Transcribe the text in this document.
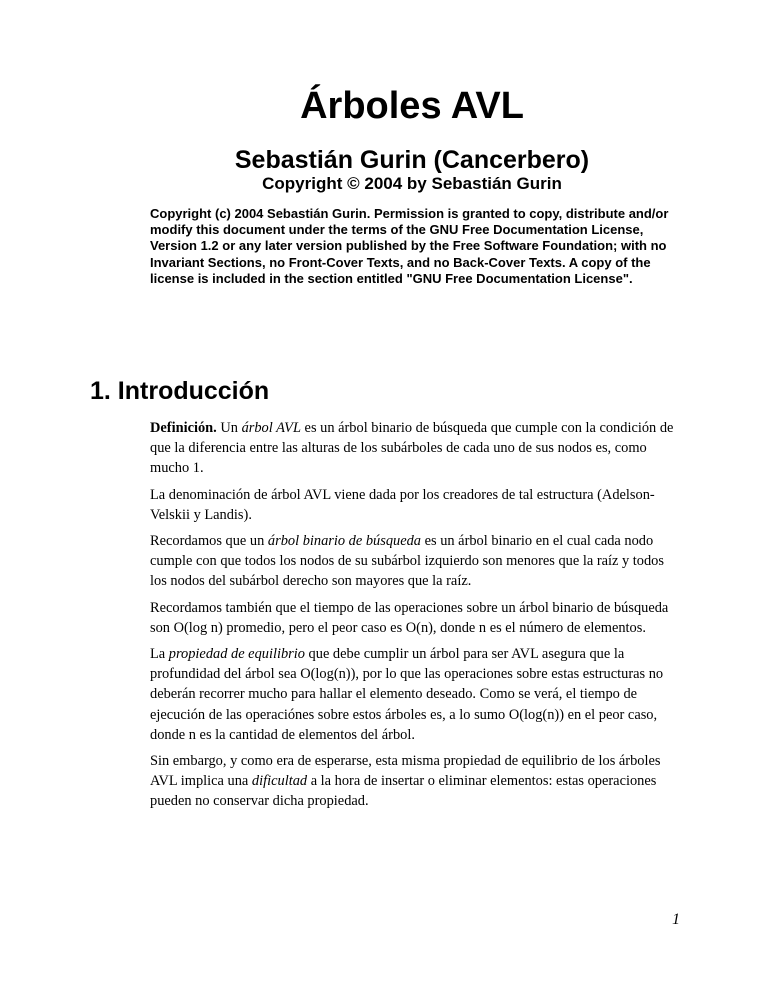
Árboles AVL
Sebastián Gurin (Cancerbero)
Copyright © 2004 by Sebastián Gurin

Copyright (c) 2004 Sebastián Gurin. Permission is granted to copy, distribute and/or modify this document under the terms of the GNU Free Documentation License, Version 1.2 or any later version published by the Free Software Foundation; with no Invariant Sections, no Front-Cover Texts, and no Back-Cover Texts. A copy of the license is included in the section entitled "GNU Free Documentation License".

1. Introducción

Definición. Un árbol AVL es un árbol binario de búsqueda que cumple con la condición de que la diferencia entre las alturas de los subárboles de cada uno de sus nodos es, como mucho 1.

La denominación de árbol AVL viene dada por los creadores de tal estructura (Adelson-Velskii y Landis).

Recordamos que un árbol binario de búsqueda es un árbol binario en el cual cada nodo cumple con que todos los nodos de su subárbol izquierdo son menores que la raíz y todos los nodos del subárbol derecho son mayores que la raíz.

Recordamos también que el tiempo de las operaciones sobre un árbol binario de búsqueda son O(log n) promedio, pero el peor caso es O(n), donde n es el número de elementos.

La propiedad de equilibrio que debe cumplir un árbol para ser AVL asegura que la profundidad del árbol sea O(log(n)), por lo que las operaciones sobre estas estructuras no deberán recorrer mucho para hallar el elemento deseado. Como se verá, el tiempo de ejecución de las operaciónes sobre estos árboles es, a lo sumo O(log(n)) en el peor caso, donde n es la cantidad de elementos del árbol.

Sin embargo, y como era de esperarse, esta misma propiedad de equilibrio de los árboles AVL implica una dificultad a la hora de insertar o eliminar elementos: estas operaciones pueden no conservar dicha propiedad.

1
